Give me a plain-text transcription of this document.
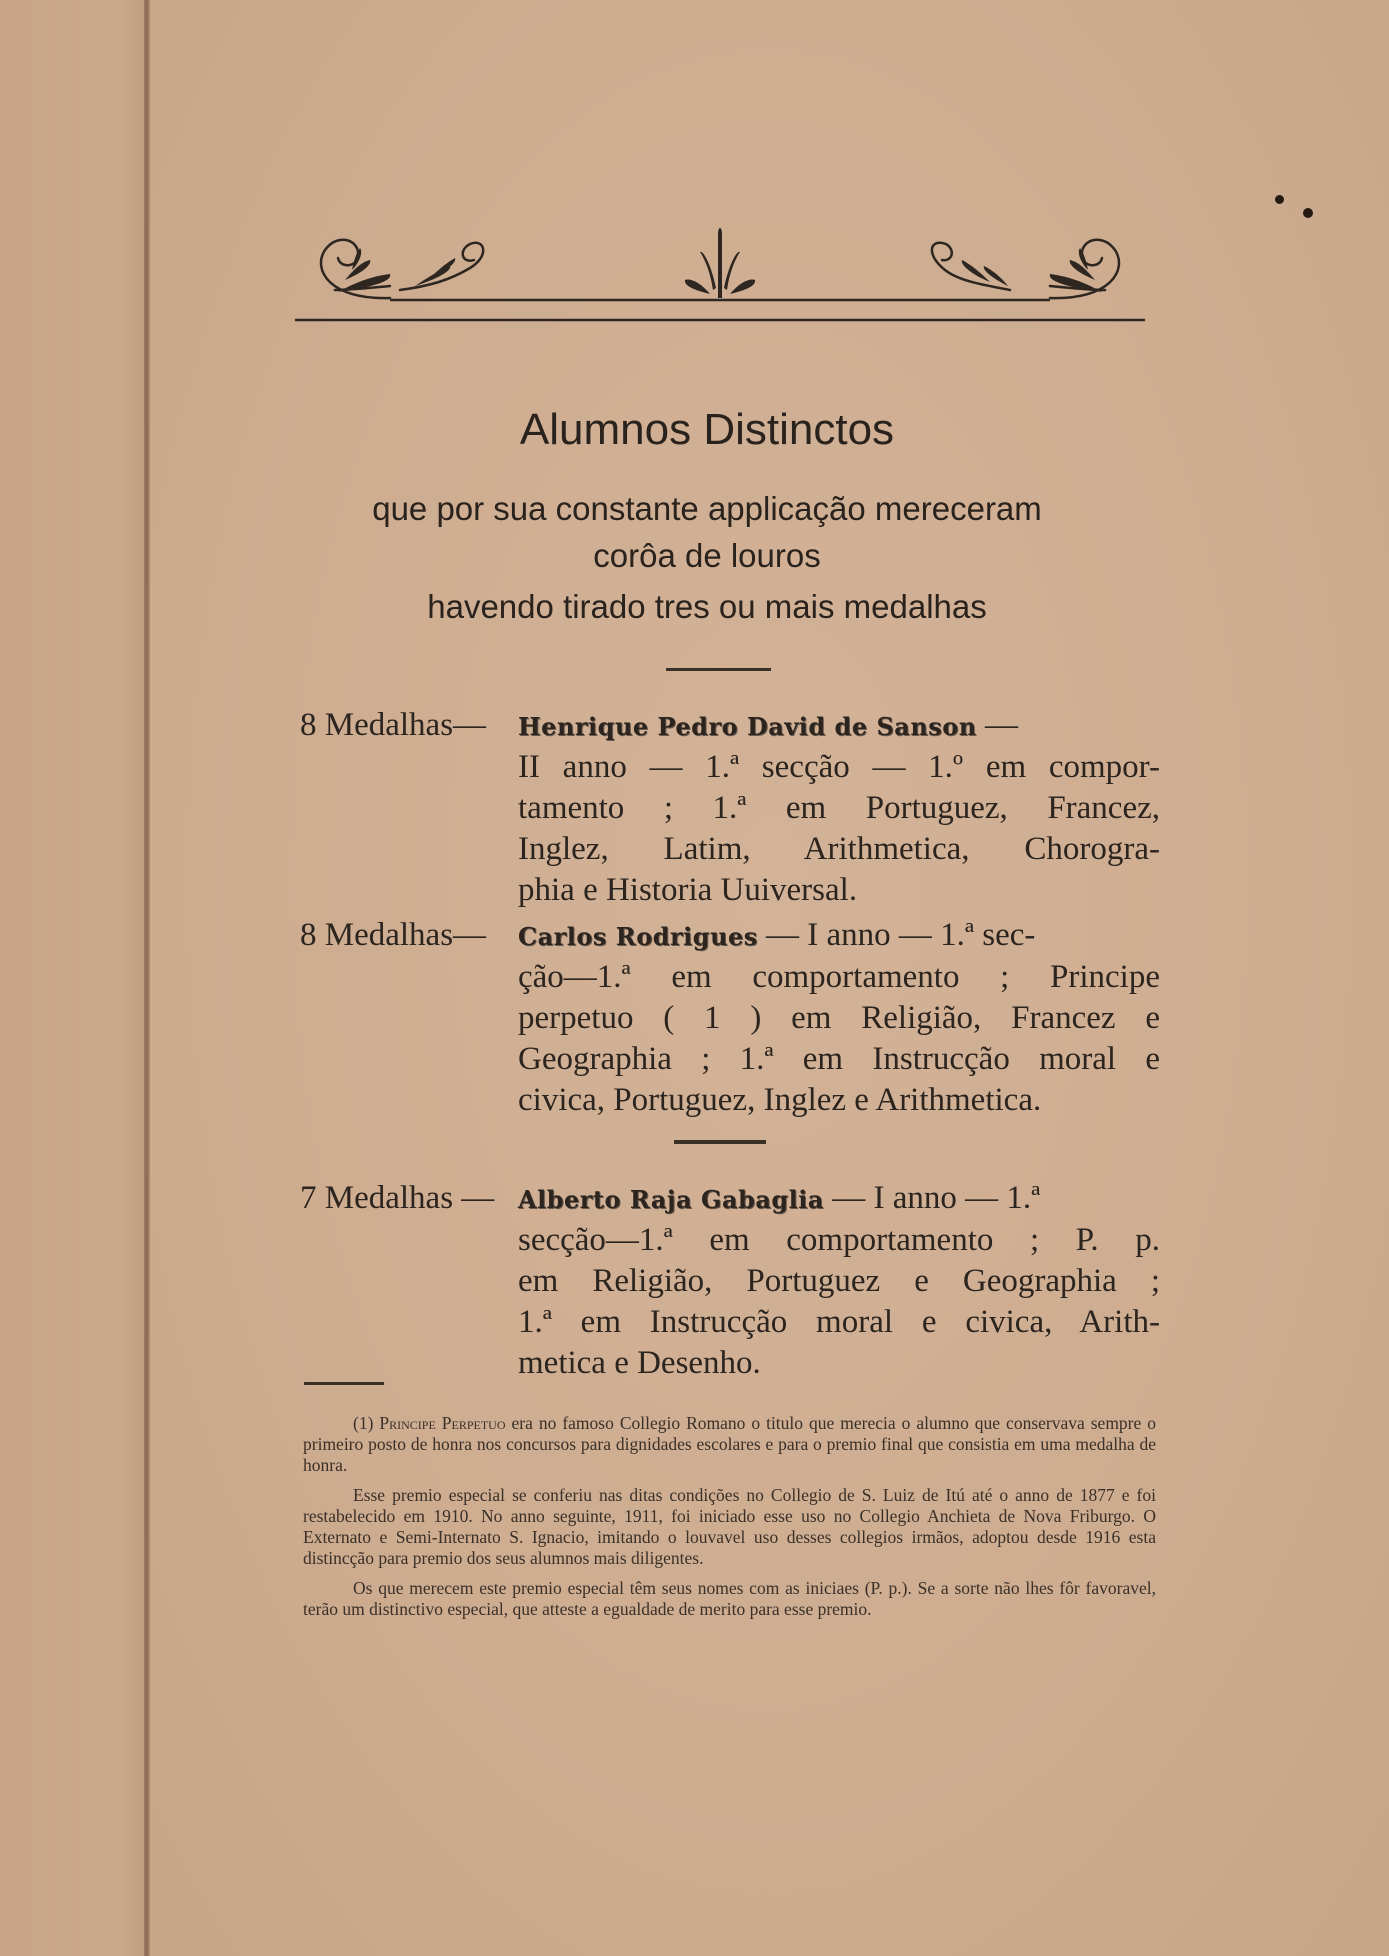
Alumnos Distinctos
que por sua constante applicação mereceram
corôa de louros
havendo tirado tres ou mais medalhas
8 Medalhas— Henrique Pedro David de Sanson —
II anno — 1.ª secção — 1.º em compor-
tamento ; 1.ª em Portuguez, Francez,
Inglez, Latim, Arithmetica, Chorogra-
phia e Historia Uuiversal.
8 Medalhas— Carlos Rodrigues — I anno — 1.ª sec-
ção—1.ª em comportamento ; Principe
perpetuo ( 1 ) em Religião, Francez e
Geographia ; 1.ª em Instrucção moral e
civica, Portuguez, Inglez e Arithmetica.
7 Medalhas — Alberto Raja Gabaglia — I anno — 1.ª
secção—1.ª em comportamento ; P. p.
em Religião, Portuguez e Geographia ;
1.ª em Instrucção moral e civica, Arith-
metica e Desenho.

(1) Principe Perpetuo era no famoso Collegio Romano o titulo que merecia o alumno que conservava sempre o primeiro posto de honra nos concursos para dignidades escolares e para o premio final que consistia em uma medalha de honra.

Esse premio especial se conferiu nas ditas condições no Collegio de S. Luiz de Itú até o anno de 1877 e foi restabelecido em 1910. No anno seguinte, 1911, foi iniciado esse uso no Collegio Anchieta de Nova Friburgo. O Externato e Semi-Internato S. Ignacio, imitando o louvavel uso desses collegios irmãos, adoptou desde 1916 esta distincção para premio dos seus alumnos mais diligentes.

Os que merecem este premio especial têm seus nomes com as iniciaes (P. p.). Se a sorte não lhes fôr favoravel, terão um distinctivo especial, que atteste a egualdade de merito para esse premio.
